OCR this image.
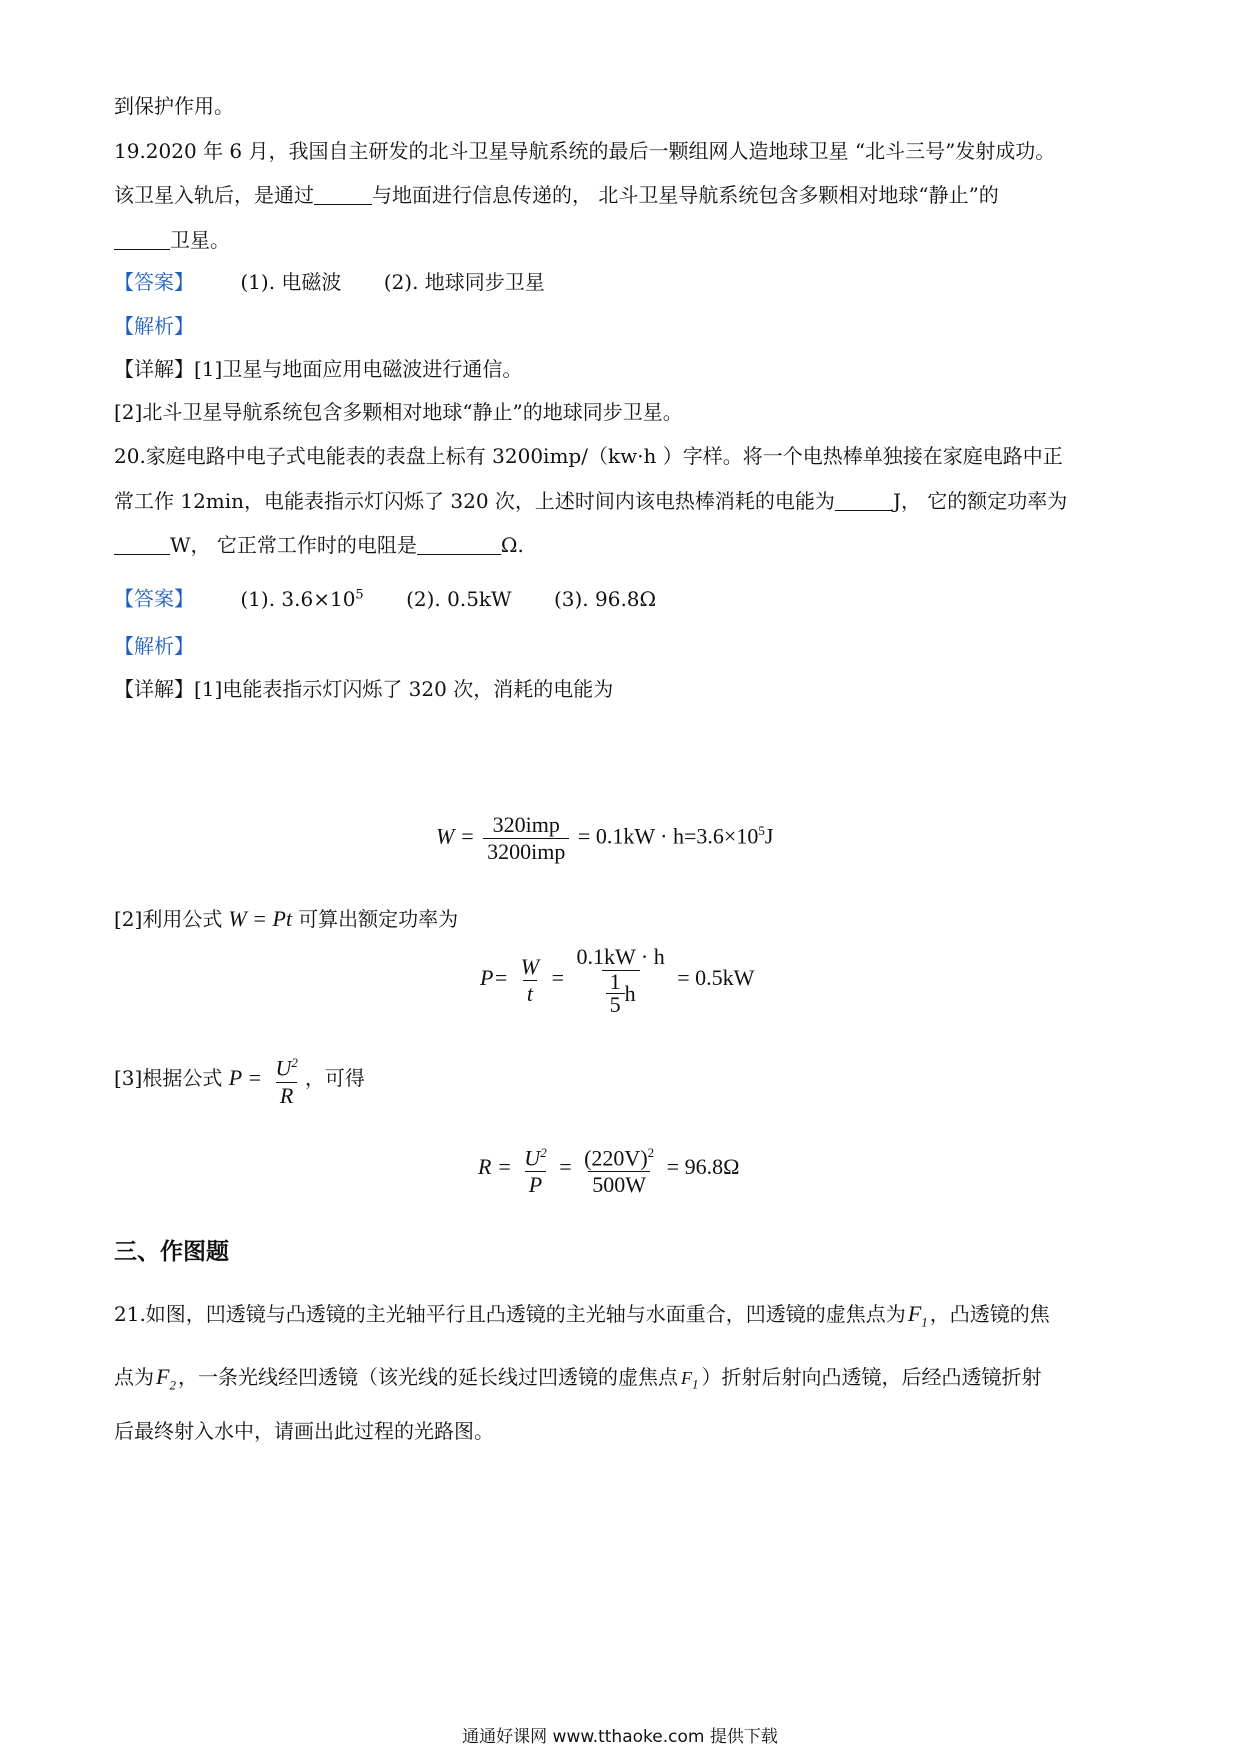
到保护作用。
19.2020 年 6 月，我国自主研发的北斗卫星导航系统的最后一颗组网人造地球卫星 “北斗三号”发射成功。
该卫星入轨后，是通过	与地面进行信息传递的， 北斗卫星导航系统包含多颗相对地球“静止”的
卫星。
【答案】 (1). 电磁波 (2). 地球同步卫星
【解析】
【详解】[1]卫星与地面应用电磁波进行通信。
[2]北斗卫星导航系统包含多颗相对地球“静止”的地球同步卫星。
20.家庭电路中电子式电能表的表盘上标有 3200imp/（kw·h ）字样。将一个电热棒单独接在家庭电路中正
常工作 12min，电能表指示灯闪烁了 320 次，上述时间内该电热棒消耗的电能为	J， 它的额定功率为
W， 它正常工作时的电阻是	Ω.
【答案】 (1). $3.6\times 10^5$ (2). 0.5kW (3). 96.8Ω
【解析】
【详解】[1]电能表指示灯闪烁了 320 次，消耗的电能为
$W = \frac{\text{320imp}}{\text{3200imp}} = 0.1kW \cdot h=3.6\times 10^5J$
[2]利用公式 W = Pt 可算出额定功率为
$P= \frac{W}{t} = \frac{0.1kW \cdot h}{\frac{1}{5} h} = 0.5kW$
[3]根据公式 $P = \frac{U^2}{R}$ ，可得
$R = \frac{U^2}{P} = \frac{(220V)^2}{500W} = 96.8\Omega$
三、作图题
21.如图，凹透镜与凸透镜的主光轴平行且凸透镜的主光轴与水面重合，凹透镜的虚焦点为$F_1$ ，凸透镜的焦
点为$F_2$ ，一条光线经凹透镜（该光线的延长线过凹透镜的虚焦点 $F_1$ ）折射后射向凸透镜，后经凸透镜折射
后最终射入水中，请画出此过程的光路图。
通通好课网 www.tthaoke.com 提供下载
